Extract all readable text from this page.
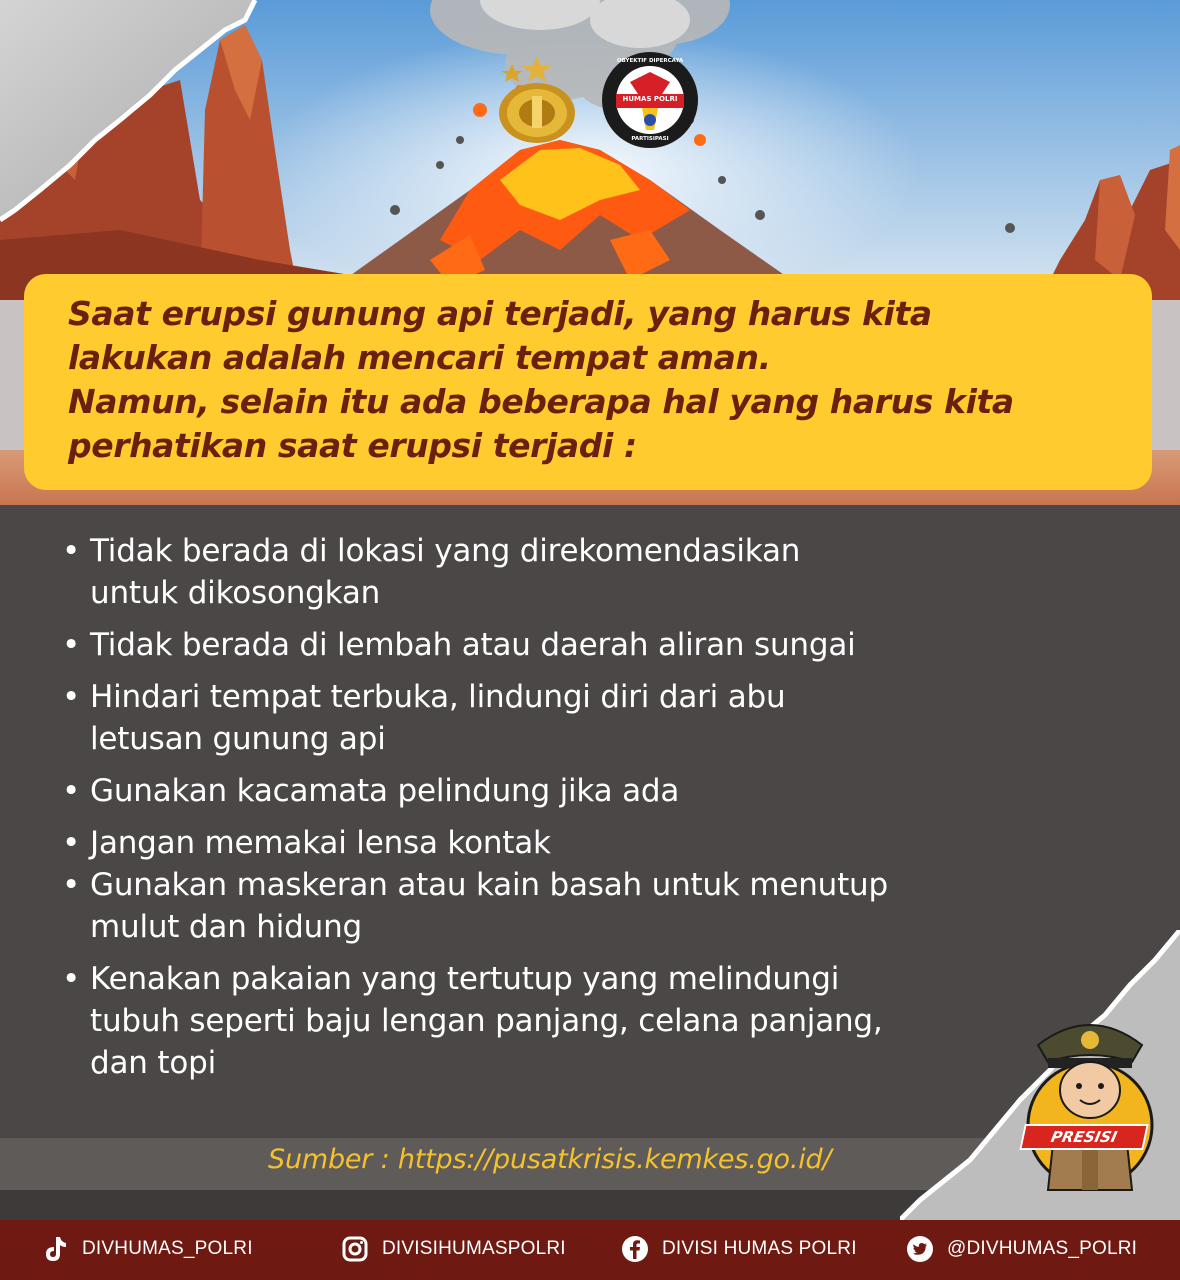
HUMAS POLRI
OBYEKTIF DIPERCAYA
PARTISIPASI

Saat erupsi gunung api terjadi, yang harus kita

lakukan adalah mencari tempat aman.

Namun, selain itu ada beberapa hal yang harus kita

perhatikan saat erupsi terjadi :

• Tidak berada di lokasi yang direkomendasikan
untuk dikosongkan
• Tidak berada di lembah atau daerah aliran sungai
• Hindari tempat terbuka, lindungi diri dari abu
letusan gunung api
• Gunakan kacamata pelindung jika ada
• Jangan memakai lensa kontak
• Gunakan maskeran atau kain basah untuk menutup
mulut dan hidung
• Kenakan pakaian yang tertutup yang melindungi
tubuh seperti baju lengan panjang, celana panjang,
dan topi
Sumber : https://pusatkrisis.kemkes.go.id/
PRESISI
DIVHUMAS_POLRI	DIVISIHUMASPOLRI	DIVISI HUMAS POLRI	@DIVHUMAS_POLRI
